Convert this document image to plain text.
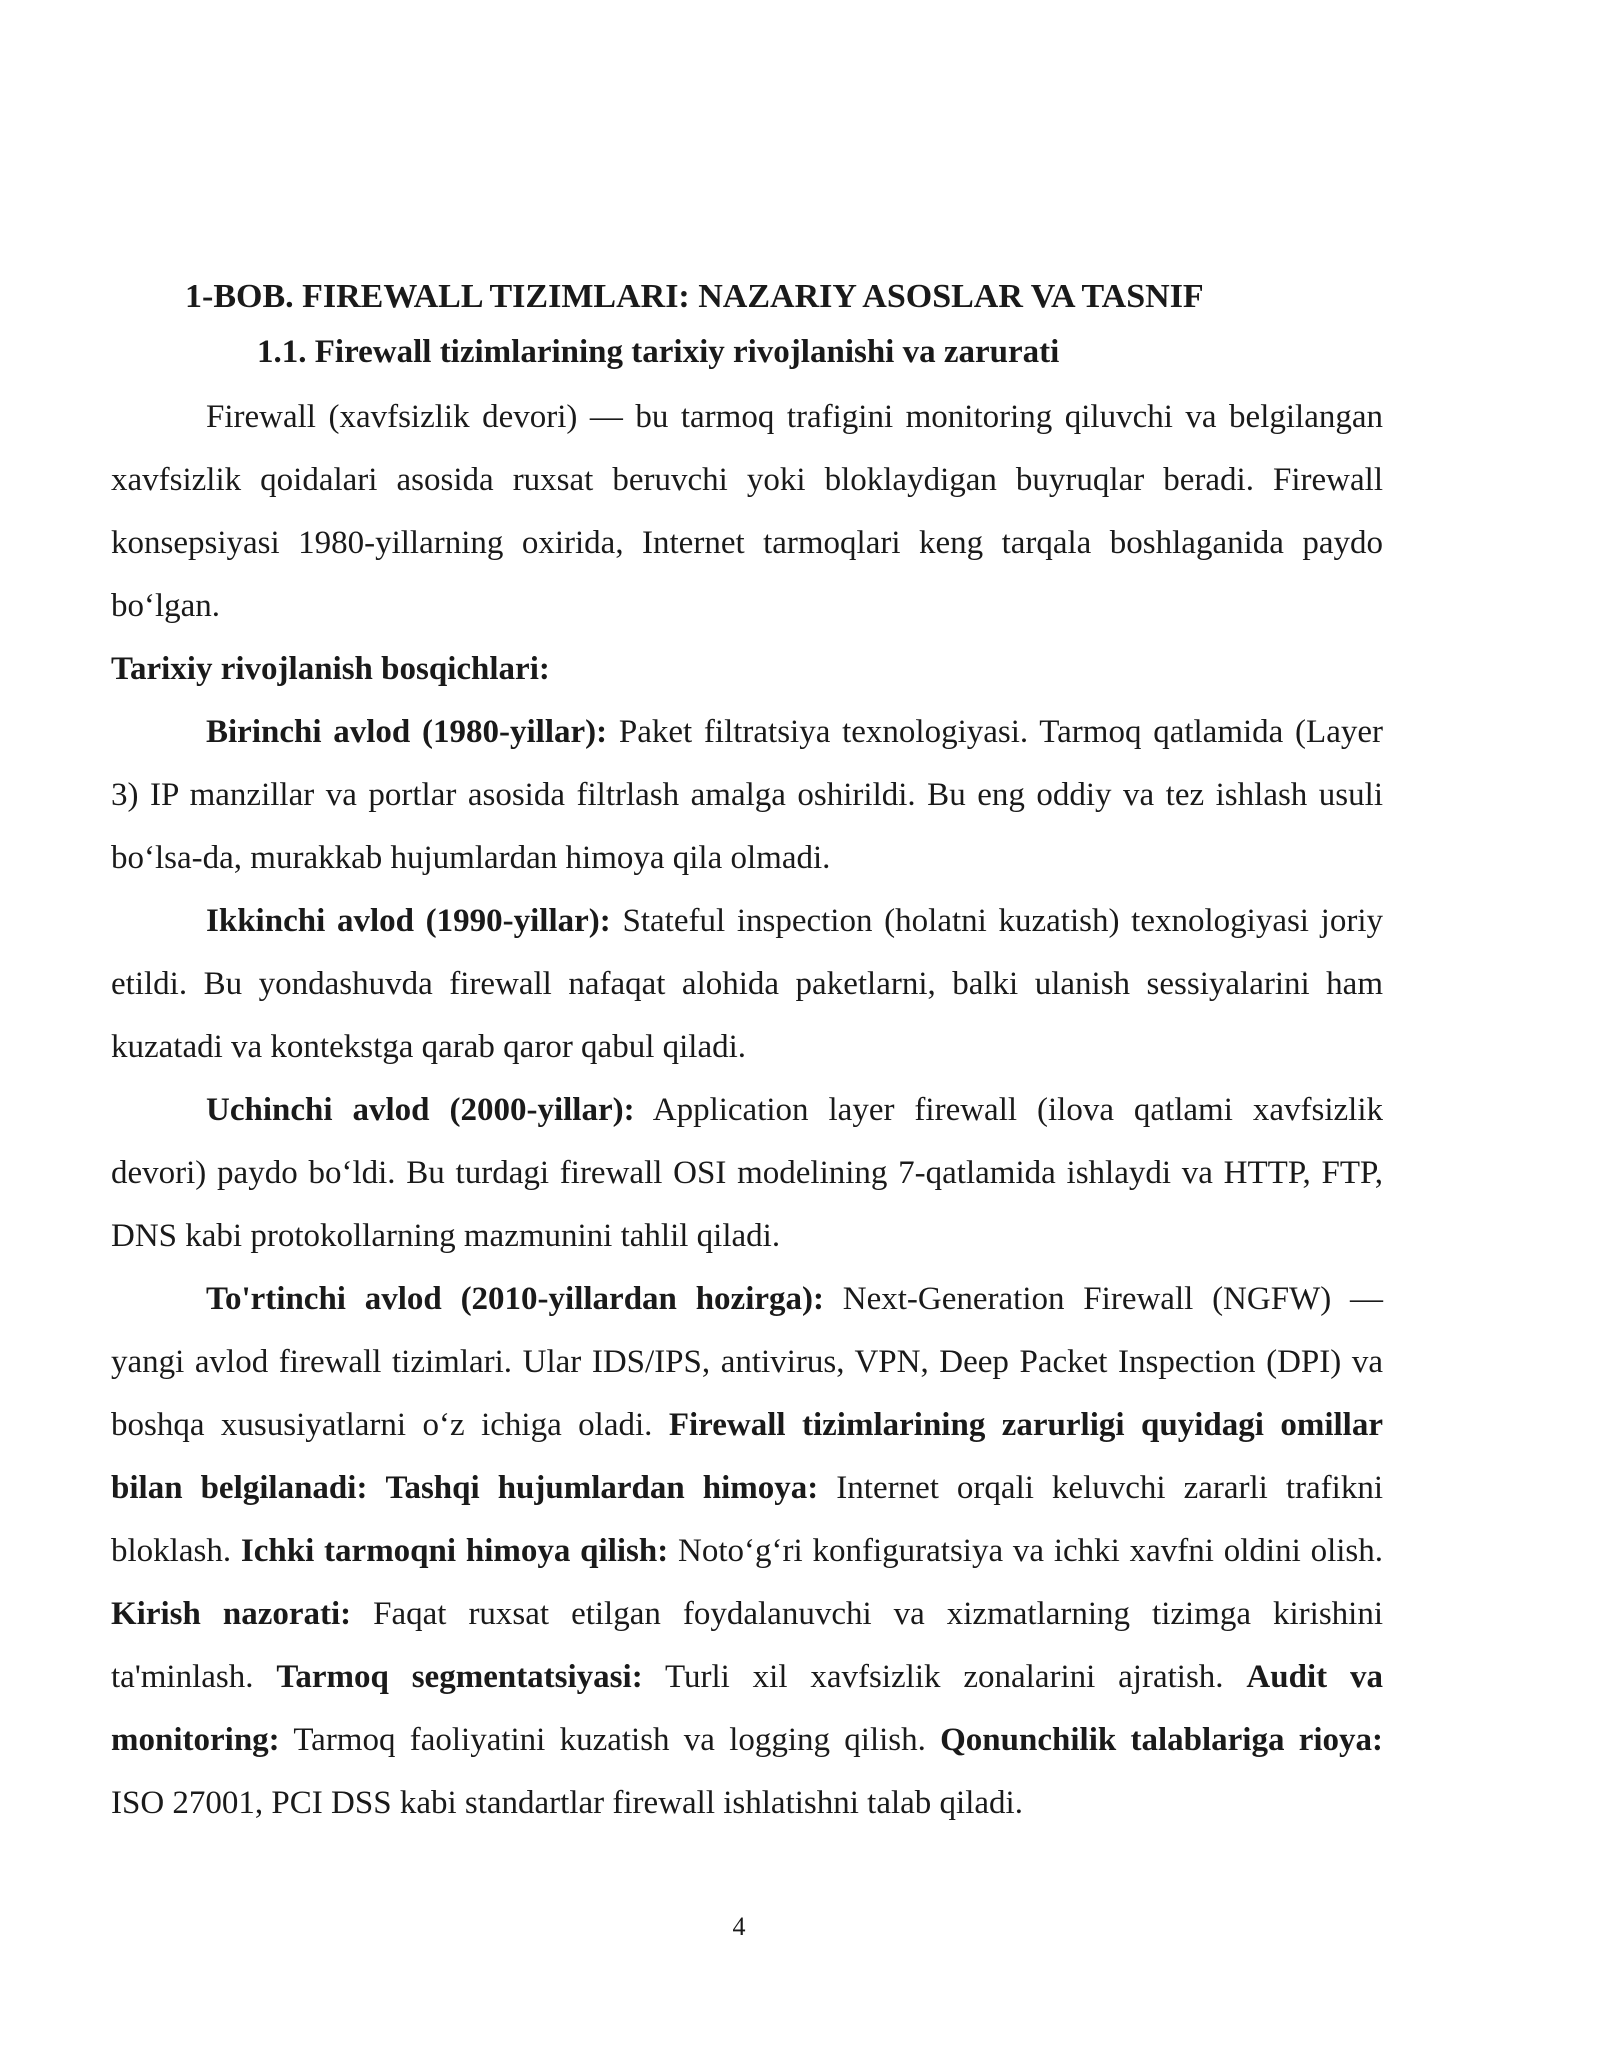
1-BOB. FIREWALL TIZIMLARI: NAZARIY ASOSLAR VA TASNIF
1.1. Firewall tizimlarining tarixiy rivojlanishi va zarurati

Firewall (xavfsizlik devori) — bu tarmoq trafigini monitoring qiluvchi va belgilangan xavfsizlik qoidalari asosida ruxsat beruvchi yoki bloklaydigan buyruqlar beradi. Firewall konsepsiyasi 1980-yillarning oxirida, Internet tarmoqlari keng tarqala boshlaganida paydo bo‘lgan.

Tarixiy rivojlanish bosqichlari:

Birinchi avlod (1980-yillar): Paket filtratsiya texnologiyasi. Tarmoq qatlamida (Layer 3) IP manzillar va portlar asosida filtrlash amalga oshirildi. Bu eng oddiy va tez ishlash usuli bo‘lsa-da, murakkab hujumlardan himoya qila olmadi.

Ikkinchi avlod (1990-yillar): Stateful inspection (holatni kuzatish) texnologiyasi joriy etildi. Bu yondashuvda firewall nafaqat alohida paketlarni, balki ulanish sessiyalarini ham kuzatadi va kontekstga qarab qaror qabul qiladi.

Uchinchi avlod (2000-yillar): Application layer firewall (ilova qatlami xavfsizlik devori) paydo bo‘ldi. Bu turdagi firewall OSI modelining 7-qatlamida ishlaydi va HTTP, FTP, DNS kabi protokollarning mazmunini tahlil qiladi.

To'rtinchi avlod (2010-yillardan hozirga): Next-Generation Firewall (NGFW) — yangi avlod firewall tizimlari. Ular IDS/IPS, antivirus, VPN, Deep Packet Inspection (DPI) va boshqa xususiyatlarni o‘z ichiga oladi. Firewall tizimlarining zarurligi quyidagi omillar bilan belgilanadi: Tashqi hujumlardan himoya: Internet orqali keluvchi zararli trafikni bloklash. Ichki tarmoqni himoya qilish: Noto‘g‘ri konfiguratsiya va ichki xavfni oldini olish. Kirish nazorati: Faqat ruxsat etilgan foydalanuvchi va xizmatlarning tizimga kirishini ta'minlash. Tarmoq segmentatsiyasi: Turli xil xavfsizlik zonalarini ajratish. Audit va monitoring: Tarmoq faoliyatini kuzatish va logging qilish. Qonunchilik talablariga rioya: ISO 27001, PCI DSS kabi standartlar firewall ishlatishni talab qiladi.

4
